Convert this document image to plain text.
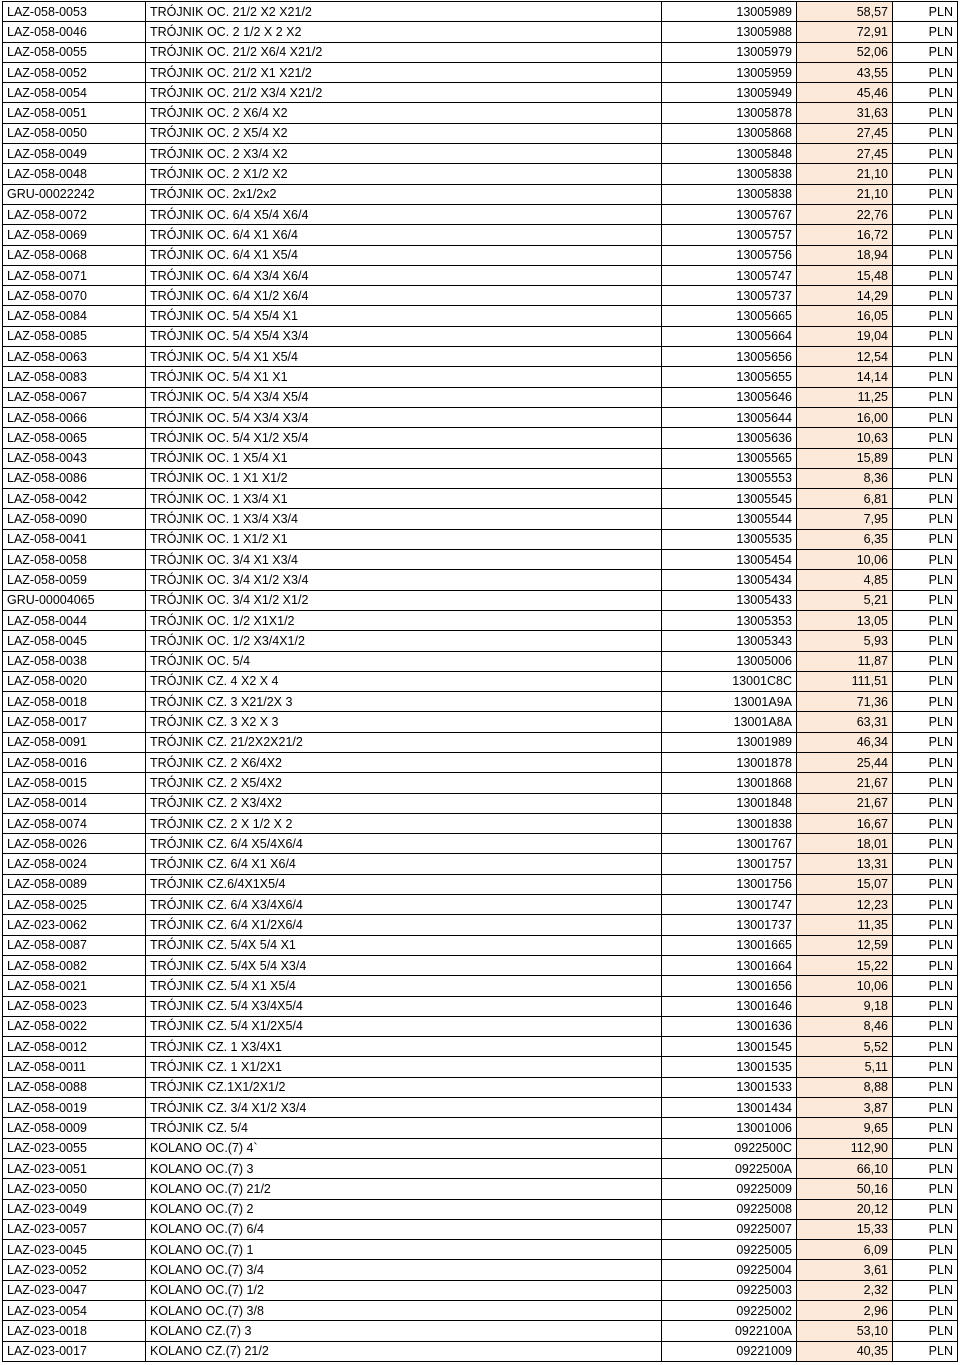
LAZ-058-0053	TRÓJNIK OC. 21/2 X2 X21/2	13005989	58,57	PLN
LAZ-058-0046	TRÓJNIK OC. 2 1/2 X 2 X2	13005988	72,91	PLN
LAZ-058-0055	TRÓJNIK OC. 21/2 X6/4 X21/2	13005979	52,06	PLN
LAZ-058-0052	TRÓJNIK OC. 21/2 X1 X21/2	13005959	43,55	PLN
LAZ-058-0054	TRÓJNIK OC. 21/2 X3/4 X21/2	13005949	45,46	PLN
LAZ-058-0051	TRÓJNIK OC. 2 X6/4 X2	13005878	31,63	PLN
LAZ-058-0050	TRÓJNIK OC. 2 X5/4 X2	13005868	27,45	PLN
LAZ-058-0049	TRÓJNIK OC. 2 X3/4 X2	13005848	27,45	PLN
LAZ-058-0048	TRÓJNIK OC. 2 X1/2 X2	13005838	21,10	PLN
GRU-00022242	TRÓJNIK OC. 2x1/2x2	13005838	21,10	PLN
LAZ-058-0072	TRÓJNIK OC. 6/4 X5/4 X6/4	13005767	22,76	PLN
LAZ-058-0069	TRÓJNIK OC. 6/4 X1 X6/4	13005757	16,72	PLN
LAZ-058-0068	TRÓJNIK OC. 6/4 X1 X5/4	13005756	18,94	PLN
LAZ-058-0071	TRÓJNIK OC. 6/4 X3/4 X6/4	13005747	15,48	PLN
LAZ-058-0070	TRÓJNIK OC. 6/4 X1/2 X6/4	13005737	14,29	PLN
LAZ-058-0084	TRÓJNIK OC. 5/4 X5/4 X1	13005665	16,05	PLN
LAZ-058-0085	TRÓJNIK OC. 5/4 X5/4 X3/4	13005664	19,04	PLN
LAZ-058-0063	TRÓJNIK OC. 5/4 X1 X5/4	13005656	12,54	PLN
LAZ-058-0083	TRÓJNIK OC. 5/4 X1 X1	13005655	14,14	PLN
LAZ-058-0067	TRÓJNIK OC. 5/4 X3/4 X5/4	13005646	11,25	PLN
LAZ-058-0066	TRÓJNIK OC. 5/4 X3/4 X3/4	13005644	16,00	PLN
LAZ-058-0065	TRÓJNIK OC. 5/4 X1/2 X5/4	13005636	10,63	PLN
LAZ-058-0043	TRÓJNIK OC. 1 X5/4 X1	13005565	15,89	PLN
LAZ-058-0086	TRÓJNIK OC. 1 X1 X1/2	13005553	8,36	PLN
LAZ-058-0042	TRÓJNIK OC. 1 X3/4 X1	13005545	6,81	PLN
LAZ-058-0090	TRÓJNIK OC. 1 X3/4 X3/4	13005544	7,95	PLN
LAZ-058-0041	TRÓJNIK OC. 1 X1/2 X1	13005535	6,35	PLN
LAZ-058-0058	TRÓJNIK OC. 3/4 X1 X3/4	13005454	10,06	PLN
LAZ-058-0059	TRÓJNIK OC. 3/4 X1/2 X3/4	13005434	4,85	PLN
GRU-00004065	TRÓJNIK OC. 3/4 X1/2 X1/2	13005433	5,21	PLN
LAZ-058-0044	TRÓJNIK OC. 1/2 X1X1/2	13005353	13,05	PLN
LAZ-058-0045	TRÓJNIK OC. 1/2 X3/4X1/2	13005343	5,93	PLN
LAZ-058-0038	TRÓJNIK OC. 5/4	13005006	11,87	PLN
LAZ-058-0020	TRÓJNIK CZ. 4 X2 X 4	13001C8C	111,51	PLN
LAZ-058-0018	TRÓJNIK CZ. 3 X21/2X 3	13001A9A	71,36	PLN
LAZ-058-0017	TRÓJNIK CZ. 3 X2 X 3	13001A8A	63,31	PLN
LAZ-058-0091	TRÓJNIK CZ. 21/2X2X21/2	13001989	46,34	PLN
LAZ-058-0016	TRÓJNIK CZ. 2 X6/4X2	13001878	25,44	PLN
LAZ-058-0015	TRÓJNIK CZ. 2 X5/4X2	13001868	21,67	PLN
LAZ-058-0014	TRÓJNIK CZ. 2 X3/4X2	13001848	21,67	PLN
LAZ-058-0074	TRÓJNIK CZ. 2 X 1/2 X 2	13001838	16,67	PLN
LAZ-058-0026	TRÓJNIK CZ. 6/4 X5/4X6/4	13001767	18,01	PLN
LAZ-058-0024	TRÓJNIK CZ. 6/4 X1 X6/4	13001757	13,31	PLN
LAZ-058-0089	TRÓJNIK CZ.6/4X1X5/4	13001756	15,07	PLN
LAZ-058-0025	TRÓJNIK CZ. 6/4 X3/4X6/4	13001747	12,23	PLN
LAZ-023-0062	TRÓJNIK CZ. 6/4 X1/2X6/4	13001737	11,35	PLN
LAZ-058-0087	TRÓJNIK CZ. 5/4X 5/4 X1	13001665	12,59	PLN
LAZ-058-0082	TRÓJNIK CZ. 5/4X 5/4 X3/4	13001664	15,22	PLN
LAZ-058-0021	TRÓJNIK CZ. 5/4 X1 X5/4	13001656	10,06	PLN
LAZ-058-0023	TRÓJNIK CZ. 5/4 X3/4X5/4	13001646	9,18	PLN
LAZ-058-0022	TRÓJNIK CZ. 5/4 X1/2X5/4	13001636	8,46	PLN
LAZ-058-0012	TRÓJNIK CZ. 1 X3/4X1	13001545	5,52	PLN
LAZ-058-0011	TRÓJNIK CZ. 1 X1/2X1	13001535	5,11	PLN
LAZ-058-0088	TRÓJNIK CZ.1X1/2X1/2	13001533	8,88	PLN
LAZ-058-0019	TRÓJNIK CZ. 3/4 X1/2 X3/4	13001434	3,87	PLN
LAZ-058-0009	TRÓJNIK CZ. 5/4	13001006	9,65	PLN
LAZ-023-0055	KOLANO OC.(7) 4`	0922500C	112,90	PLN
LAZ-023-0051	KOLANO OC.(7) 3	0922500A	66,10	PLN
LAZ-023-0050	KOLANO OC.(7) 21/2	09225009	50,16	PLN
LAZ-023-0049	KOLANO OC.(7) 2	09225008	20,12	PLN
LAZ-023-0057	KOLANO OC.(7) 6/4	09225007	15,33	PLN
LAZ-023-0045	KOLANO OC.(7) 1	09225005	6,09	PLN
LAZ-023-0052	KOLANO OC.(7) 3/4	09225004	3,61	PLN
LAZ-023-0047	KOLANO OC.(7) 1/2	09225003	2,32	PLN
LAZ-023-0054	KOLANO OC.(7) 3/8	09225002	2,96	PLN
LAZ-023-0018	KOLANO CZ.(7) 3	0922100A	53,10	PLN
LAZ-023-0017	KOLANO CZ.(7) 21/2	09221009	40,35	PLN
